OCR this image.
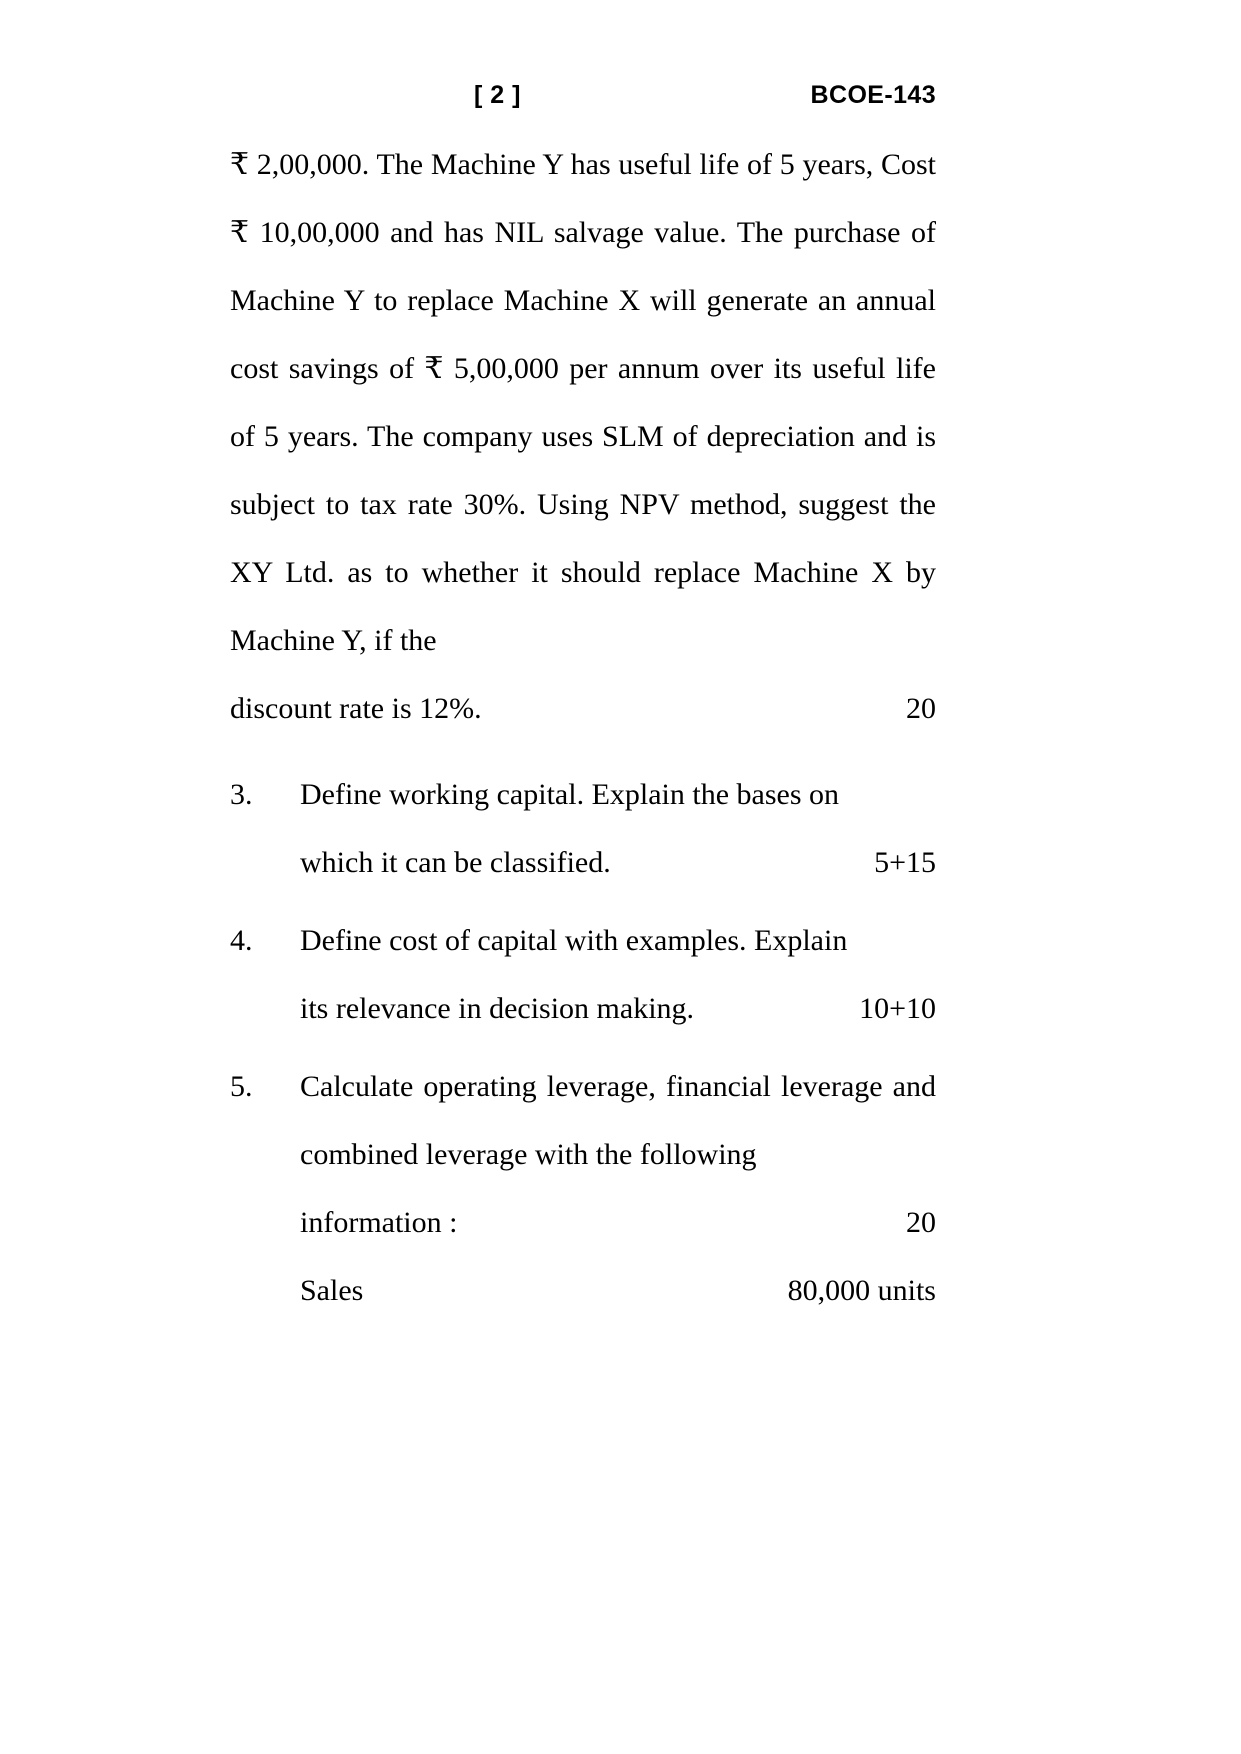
[ 2 ]	BCOE-143
₹ 2,00,000. The Machine Y has useful life of 5 years, Cost ₹ 10,00,000 and has NIL salvage value. The purchase of Machine Y to replace Machine X will generate an annual cost savings of ₹ 5,00,000 per annum over its useful life of 5 years. The company uses SLM of depreciation and is subject to tax rate 30%. Using NPV method, suggest the XY Ltd. as to whether it should replace Machine X by Machine Y, if the
discount rate is 12%.	20
3.	Define working capital. Explain the bases on
which it can be classified.	5+15
4.	Define cost of capital with examples. Explain
its relevance in decision making.	10+10
5.	Calculate operating leverage, financial leverage and combined leverage with the following
information :	20
Sales	80,000 units
